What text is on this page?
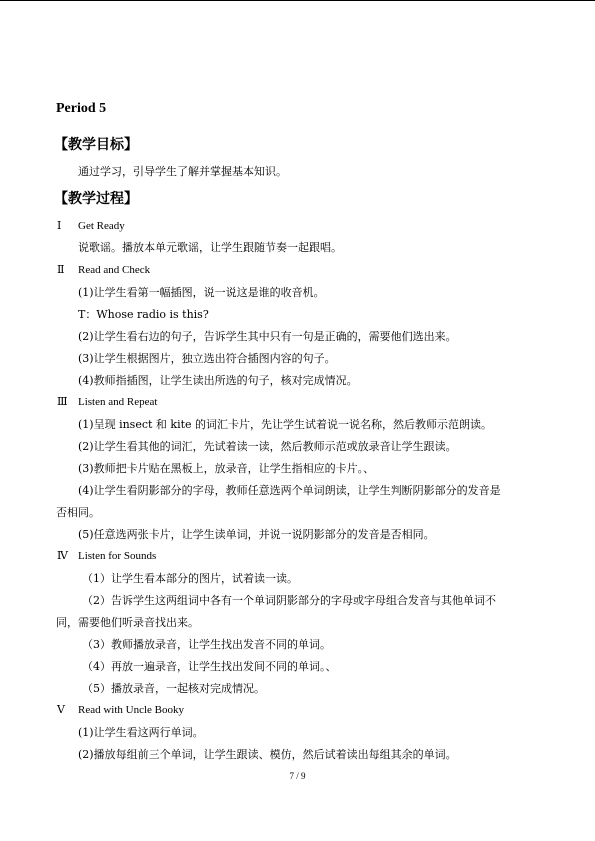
Period 5
【教学目标】
通过学习，引导学生了解并掌握基本知识。
【教学过程】
Ⅰ Get Ready
说歌谣。播放本单元歌谣，让学生跟随节奏一起跟唱。
Ⅱ Read and Check
(1)让学生看第一幅插图，说一说这是谁的收音机。
T：Whose radio is this?
(2)让学生看右边的句子，告诉学生其中只有一句是正确的，需要他们选出来。
(3)让学生根据图片，独立选出符合插图内容的句子。
(4)教师指插图，让学生读出所选的句子，核对完成情况。
Ⅲ Listen and Repeat
(1)呈现 insect 和 kite 的词汇卡片，先让学生试着说一说名称，然后教师示范朗读。
(2)让学生看其他的词汇，先试着读一读，然后教师示范或放录音让学生跟读。
(3)教师把卡片贴在黑板上，放录音，让学生指相应的卡片。、
(4)让学生看阴影部分的字母，教师任意选两个单词朗读，让学生判断阴影部分的发音是
否相同。
(5)任意选两张卡片，让学生读单词，并说一说阴影部分的发音是否相同。
Ⅳ Listen for Sounds
（1）让学生看本部分的图片，试着读一读。
（2）告诉学生这两组词中各有一个单词阴影部分的字母或字母组合发音与其他单词不
同，需要他们听录音找出来。
（3）教师播放录音，让学生找出发音不同的单词。
（4）再放一遍录音，让学生找出发间不同的单词。、
（5）播放录音，一起核对完成情况。
Ⅴ Read with Uncle Booky
(1)让学生看这两行单词。
(2)播放每组前三个单词，让学生跟读、模仿，然后试着读出每组其余的单词。
7 / 9
